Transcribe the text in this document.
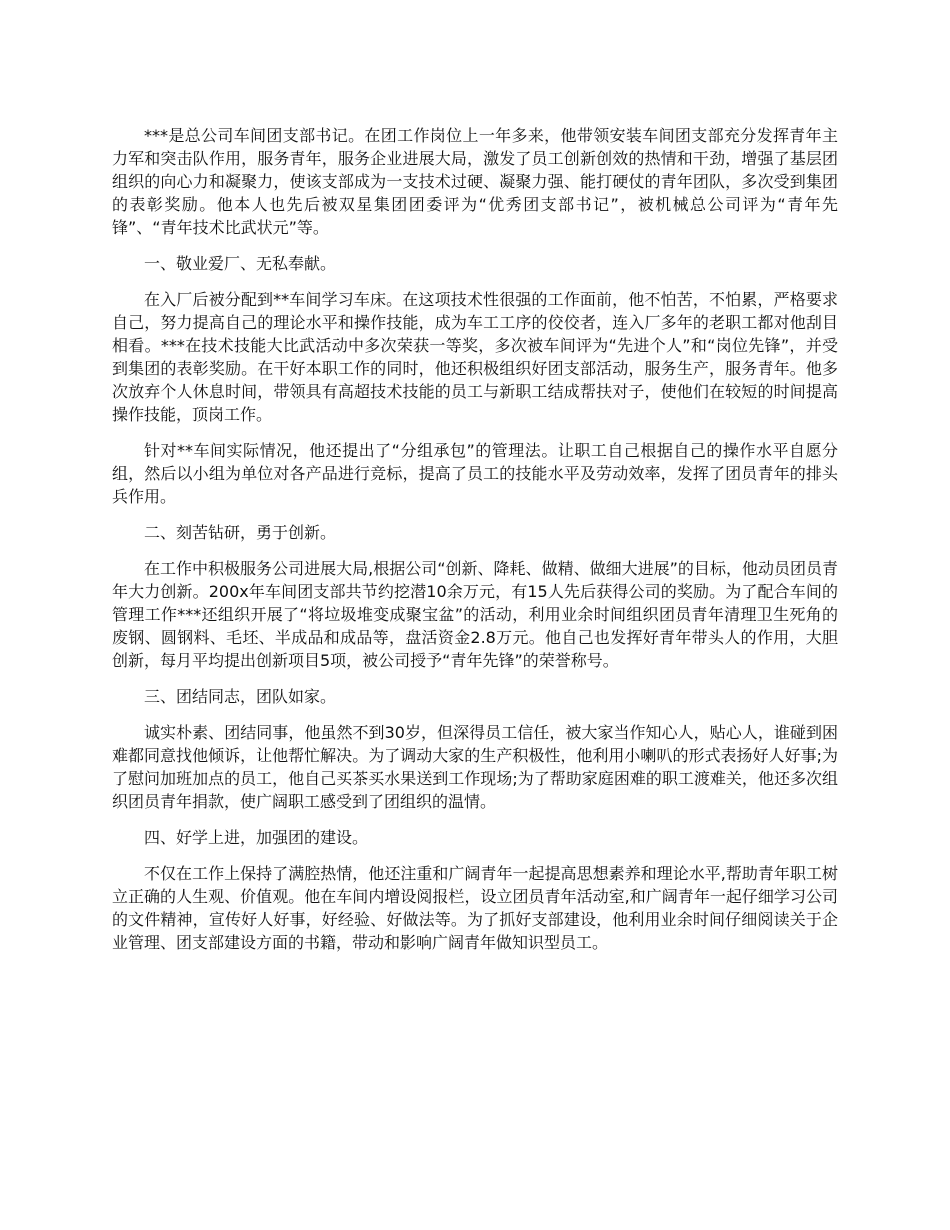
***是总公司车间团支部书记。在团工作岗位上一年多来，他带领安装车间团支部充分发挥青年主力军和突击队作用，服务青年，服务企业进展大局，激发了员工创新创效的热情和干劲，增强了基层团组织的向心力和凝聚力，使该支部成为一支技术过硬、凝聚力强、能打硬仗的青年团队，多次受到集团的表彰奖励。他本人也先后被双星集团团委评为“优秀团支部书记”，被机械总公司评为“青年先锋”、“青年技术比武状元”等。

一、敬业爱厂、无私奉献。

在入厂后被分配到**车间学习车床。在这项技术性很强的工作面前，他不怕苦，不怕累，严格要求自己，努力提高自己的理论水平和操作技能，成为车工工序的佼佼者，连入厂多年的老职工都对他刮目相看。***在技术技能大比武活动中多次荣获一等奖，多次被车间评为“先进个人”和“岗位先锋”，并受到集团的表彰奖励。在干好本职工作的同时，他还积极组织好团支部活动，服务生产，服务青年。他多次放弃个人休息时间，带领具有高超技术技能的员工与新职工结成帮扶对子，使他们在较短的时间提高操作技能，顶岗工作。

针对**车间实际情况，他还提出了“分组承包”的管理法。让职工自己根据自己的操作水平自愿分组，然后以小组为单位对各产品进行竞标，提高了员工的技能水平及劳动效率，发挥了团员青年的排头兵作用。

二、刻苦钻研，勇于创新。

在工作中积极服务公司进展大局,根据公司“创新、降耗、做精、做细大进展”的目标，他动员团员青年大力创新。200x年车间团支部共节约挖潜10余万元，有15人先后获得公司的奖励。为了配合车间的管理工作***还组织开展了“将垃圾堆变成聚宝盆”的活动，利用业余时间组织团员青年清理卫生死角的废钢、圆钢料、毛坯、半成品和成品等，盘活资金2.8万元。他自己也发挥好青年带头人的作用，大胆创新，每月平均提出创新项目5项，被公司授予“青年先锋”的荣誉称号。

三、团结同志，团队如家。

诚实朴素、团结同事，他虽然不到30岁，但深得员工信任，被大家当作知心人，贴心人，谁碰到困难都同意找他倾诉，让他帮忙解决。为了调动大家的生产积极性，他利用小喇叭的形式表扬好人好事;为了慰问加班加点的员工，他自己买茶买水果送到工作现场;为了帮助家庭困难的职工渡难关，他还多次组织团员青年捐款，使广阔职工感受到了团组织的温情。

四、好学上进，加强团的建设。

不仅在工作上保持了满腔热情，他还注重和广阔青年一起提高思想素养和理论水平,帮助青年职工树立正确的人生观、价值观。他在车间内增设阅报栏，设立团员青年活动室,和广阔青年一起仔细学习公司的文件精神，宣传好人好事，好经验、好做法等。为了抓好支部建设，他利用业余时间仔细阅读关于企业管理、团支部建设方面的书籍，带动和影响广阔青年做知识型员工。
